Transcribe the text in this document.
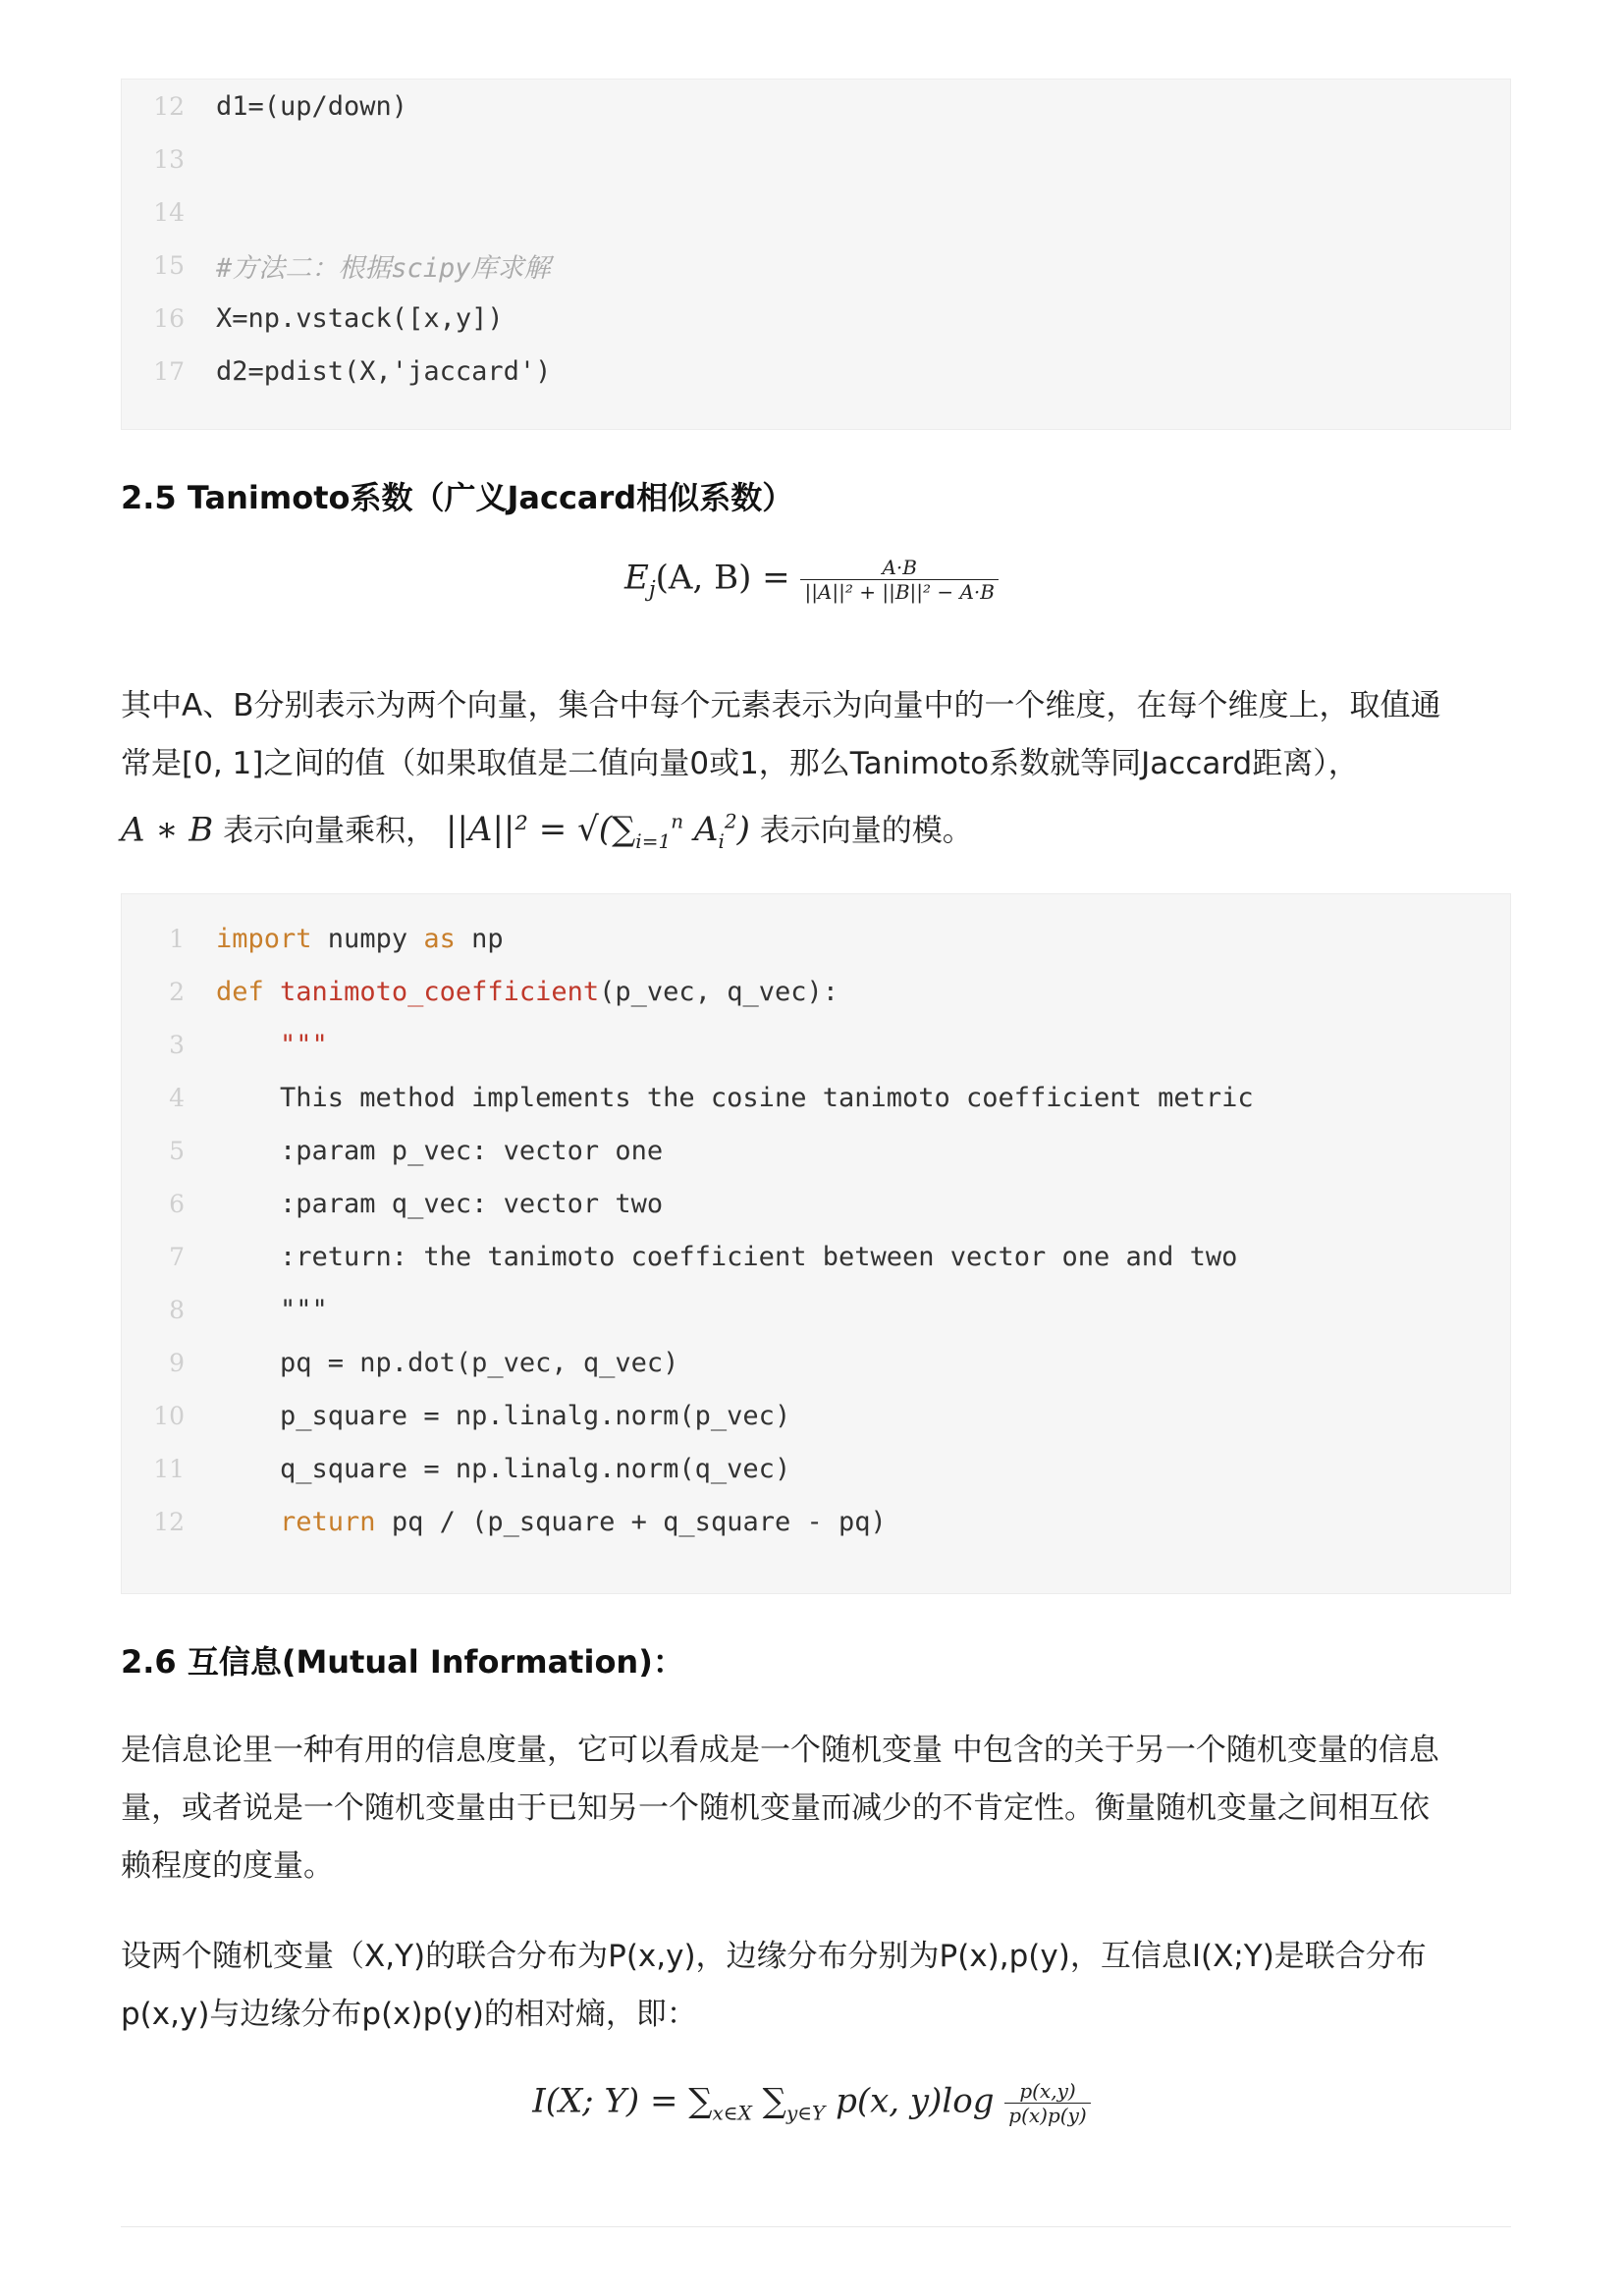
12 d1=(up/down)
13
14
15 #方法二：根据scipy库求解
16 X=np.vstack([x,y])
17 d2=pdist(X,'jaccard')
2.5 Tanimoto系数（广义Jaccard相似系数）
$E_j(A$, $B) = \frac{A\cdot B}{\text{||A||² + ||B||² − A·B}}$
其中A、B分别表示为两个向量，集合中每个元素表示为向量中的一个维度，在每个维度上，取值通
常是[0, 1]之间的值（如果取值是二值向量0或1，那么Tanimoto系数就等同Jaccard距离），
A ∗ B 表示向量乘积， $||A||^2 = √(\sum_{i=1}^n$ $A_i^2$) 表示向量的模。
1 import numpy as np
2 def tanimoto_coefficient(p_vec, q_vec):
3	"""
4 This method implements the cosine tanimoto coefficient metric
5 :param p_vec: vector one
6 :param q_vec: vector two
7 :return: the tanimoto coefficient between vector one and two
8 """
9 pq = np.dot(p_vec, q_vec)
10 p_square = np.linalg.norm(p_vec)
11 q_square = np.linalg.norm(q_vec)
12	return pq / (p_square + q_square - pq)
2.6 互信息(Mutual Information)：
是信息论里一种有用的信息度量，它可以看成是一个随机变量 中包含的关于另一个随机变量的信息
量，或者说是一个随机变量由于已知另一个随机变量而减少的不肯定性。衡量随机变量之间相互依
赖程度的度量。
设两个随机变量（X,Y)的联合分布为P(x,y)，边缘分布分别为P(x),p(y)，互信息I(X;Y)是联合分布
p(x,y)与边缘分布p(x)p(y)的相对熵，即：
I(X; $Y) = \sum_{x\in X}$ $\sum_{y\in Y}$ p(x, $y)\log \frac{p(x,y)}{p(x)p(y)}$
